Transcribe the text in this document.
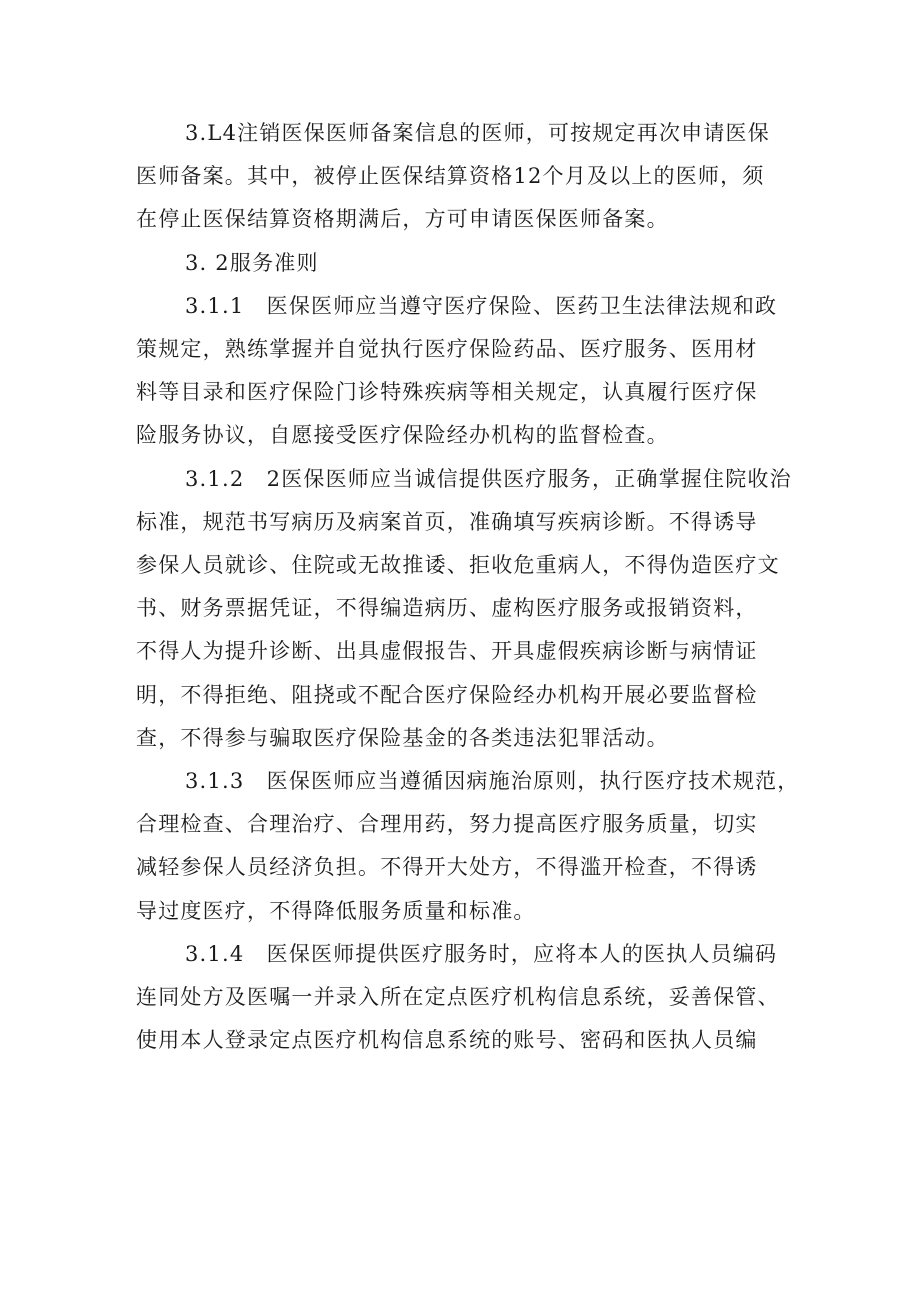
3.L4注销医保医师备案信息的医师，可按规定再次申请医保
医师备案。其中，被停止医保结算资格12个月及以上的医师，须
在停止医保结算资格期满后，方可申请医保医师备案。

3. 2服务准则

3.1.1　医保医师应当遵守医疗保险、医药卫生法律法规和政
策规定，熟练掌握并自觉执行医疗保险药品、医疗服务、医用材
料等目录和医疗保险门诊特殊疾病等相关规定，认真履行医疗保
险服务协议，自愿接受医疗保险经办机构的监督检查。

3.1.2　2医保医师应当诚信提供医疗服务，正确掌握住院收治
标准，规范书写病历及病案首页，准确填写疾病诊断。不得诱导
参保人员就诊、住院或无故推诿、拒收危重病人，不得伪造医疗文
书、财务票据凭证，不得编造病历、虚构医疗服务或报销资料，
不得人为提升诊断、出具虚假报告、开具虚假疾病诊断与病情证
明，不得拒绝、阻挠或不配合医疗保险经办机构开展必要监督检
查，不得参与骗取医疗保险基金的各类违法犯罪活动。

3.1.3　医保医师应当遵循因病施治原则，执行医疗技术规范，
合理检查、合理治疗、合理用药，努力提高医疗服务质量，切实
减轻参保人员经济负担。不得开大处方，不得滥开检查，不得诱
导过度医疗，不得降低服务质量和标准。

3.1.4　医保医师提供医疗服务时，应将本人的医执人员编码
连同处方及医嘱一并录入所在定点医疗机构信息系统，妥善保管、
使用本人登录定点医疗机构信息系统的账号、密码和医执人员编
